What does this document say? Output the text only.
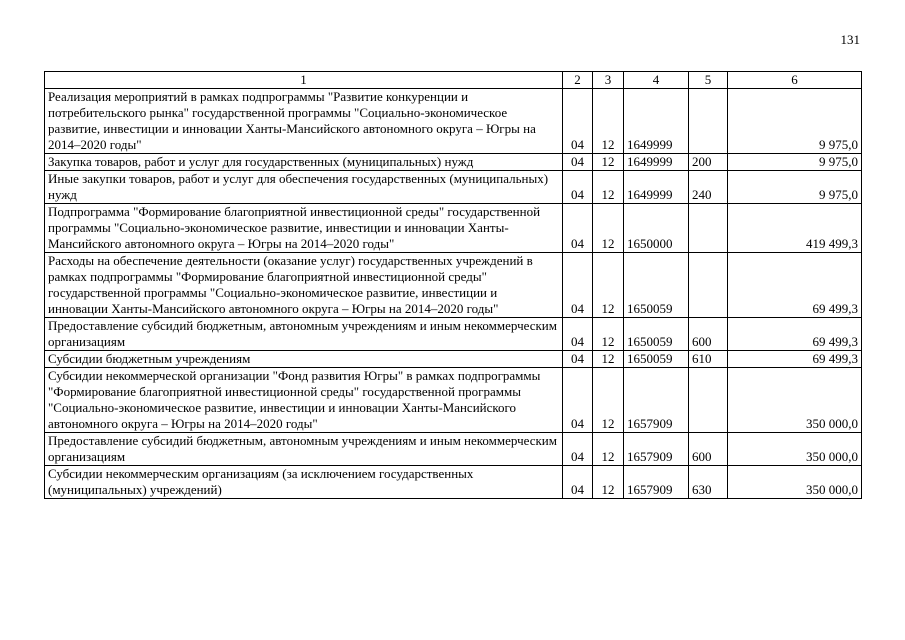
131
1	2	3	4	5	6
Реализация мероприятий в рамках подпрограммы "Развитие конкуренции и потребительского рынка" государственной программы "Социально-экономическое развитие, инвестиции и инновации Ханты-Мансийского автономного округа – Югры на 2014–2020 годы"	04	12	1649999		9 975,0
Закупка товаров, работ и услуг для государственных (муниципальных) нужд	04	12	1649999	200	9 975,0
Иные закупки товаров, работ и услуг для обеспечения государственных (муниципальных) нужд	04	12	1649999	240	9 975,0
Подпрограмма "Формирование благоприятной инвестиционной среды" государственной программы "Социально-экономическое развитие, инвестиции и инновации Ханты-Мансийского автономного округа – Югры на 2014–2020 годы"	04	12	1650000		419 499,3
Расходы на обеспечение деятельности (оказание услуг) государственных учреждений в рамках подпрограммы "Формирование благоприятной инвестиционной среды" государственной программы "Социально-экономическое развитие, инвестиции и инновации Ханты-Мансийского автономного округа – Югры на 2014–2020 годы"	04	12	1650059		69 499,3
Предоставление субсидий бюджетным, автономным учреждениям и иным некоммерческим организациям	04	12	1650059	600	69 499,3
Субсидии бюджетным учреждениям	04	12	1650059	610	69 499,3
Субсидии некоммерческой организации "Фонд развития Югры" в рамках подпрограммы "Формирование благоприятной инвестиционной среды" государственной программы "Социально-экономическое развитие, инвестиции и инновации Ханты-Мансийского автономного округа – Югры на 2014–2020 годы"	04	12	1657909		350 000,0
Предоставление субсидий бюджетным, автономным учреждениям и иным некоммерческим организациям	04	12	1657909	600	350 000,0
Субсидии некоммерческим организациям (за исключением государственных (муниципальных) учреждений)	04	12	1657909	630	350 000,0
